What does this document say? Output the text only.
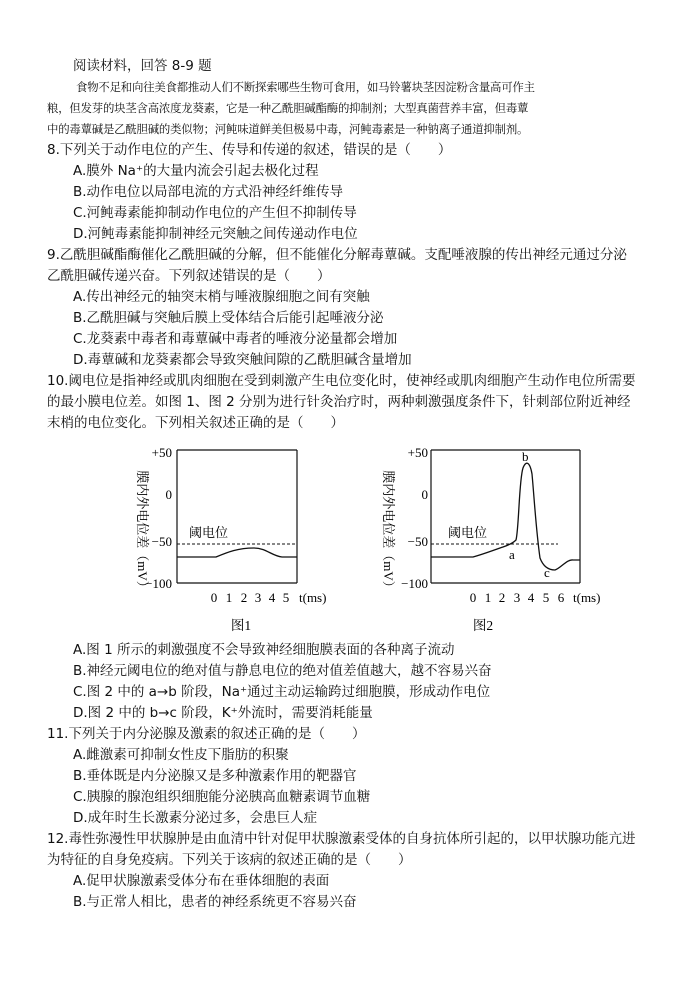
阅读材料，回答 8-9 题
食物不足和向往美食都推动人们不断探索哪些生物可食用，如马铃薯块茎因淀粉含量高可作主
粮，但发芽的块茎含高浓度龙葵素，它是一种乙酰胆碱酯酶的抑制剂；大型真菌营养丰富，但毒蕈
中的毒蕈碱是乙酰胆碱的类似物；河鲀味道鲜美但极易中毒，河鲀毒素是一种钠离子通道抑制剂。
8.下列关于动作电位的产生、传导和传递的叙述，错误的是（　　）
A.膜外 Na⁺的大量内流会引起去极化过程
B.动作电位以局部电流的方式沿神经纤维传导
C.河鲀毒素能抑制动作电位的产生但不抑制传导
D.河鲀毒素能抑制神经元突触之间传递动作电位
9.乙酰胆碱酯酶催化乙酰胆碱的分解，但不能催化分解毒蕈碱。支配唾液腺的传出神经元通过分泌
乙酰胆碱传递兴奋。下列叙述错误的是（　　）
A.传出神经元的轴突末梢与唾液腺细胞之间有突触
B.乙酰胆碱与突触后膜上受体结合后能引起唾液分泌
C.龙葵素中毒者和毒蕈碱中毒者的唾液分泌量都会增加
D.毒蕈碱和龙葵素都会导致突触间隙的乙酰胆碱含量增加
10.阈电位是指神经或肌肉细胞在受到刺激产生电位变化时，使神经或肌肉细胞产生动作电位所需要
的最小膜电位差。如图 1、图 2 分别为进行针灸治疗时，两种刺激强度条件下，针刺部位附近神经
末梢的电位变化。下列相关叙述正确的是（　　）
膜内外电位差（mV）
+50
0
−50
−100
阈电位
0 1 2 3 4 5 t(ms)
图1
膜内外电位差（mV）
+50
0
−50
−100
阈电位
a
b
c
0 1 2 3 4 5 6 t(ms)
图2
A.图 1 所示的刺激强度不会导致神经细胞膜表面的各种离子流动
B.神经元阈电位的绝对值与静息电位的绝对值差值越大，越不容易兴奋
C.图 2 中的 a→b 阶段，Na⁺通过主动运输跨过细胞膜，形成动作电位
D.图 2 中的 b→c 阶段，K⁺外流时，需要消耗能量
11.下列关于内分泌腺及激素的叙述正确的是（　　）
A.雌激素可抑制女性皮下脂肪的积聚
B.垂体既是内分泌腺又是多种激素作用的靶器官
C.胰腺的腺泡组织细胞能分泌胰高血糖素调节血糖
D.成年时生长激素分泌过多，会患巨人症
12.毒性弥漫性甲状腺肿是由血清中针对促甲状腺激素受体的自身抗体所引起的，以甲状腺功能亢进
为特征的自身免疫病。下列关于该病的叙述正确的是（　　）
A.促甲状腺激素受体分布在垂体细胞的表面
B.与正常人相比，患者的神经系统更不容易兴奋
